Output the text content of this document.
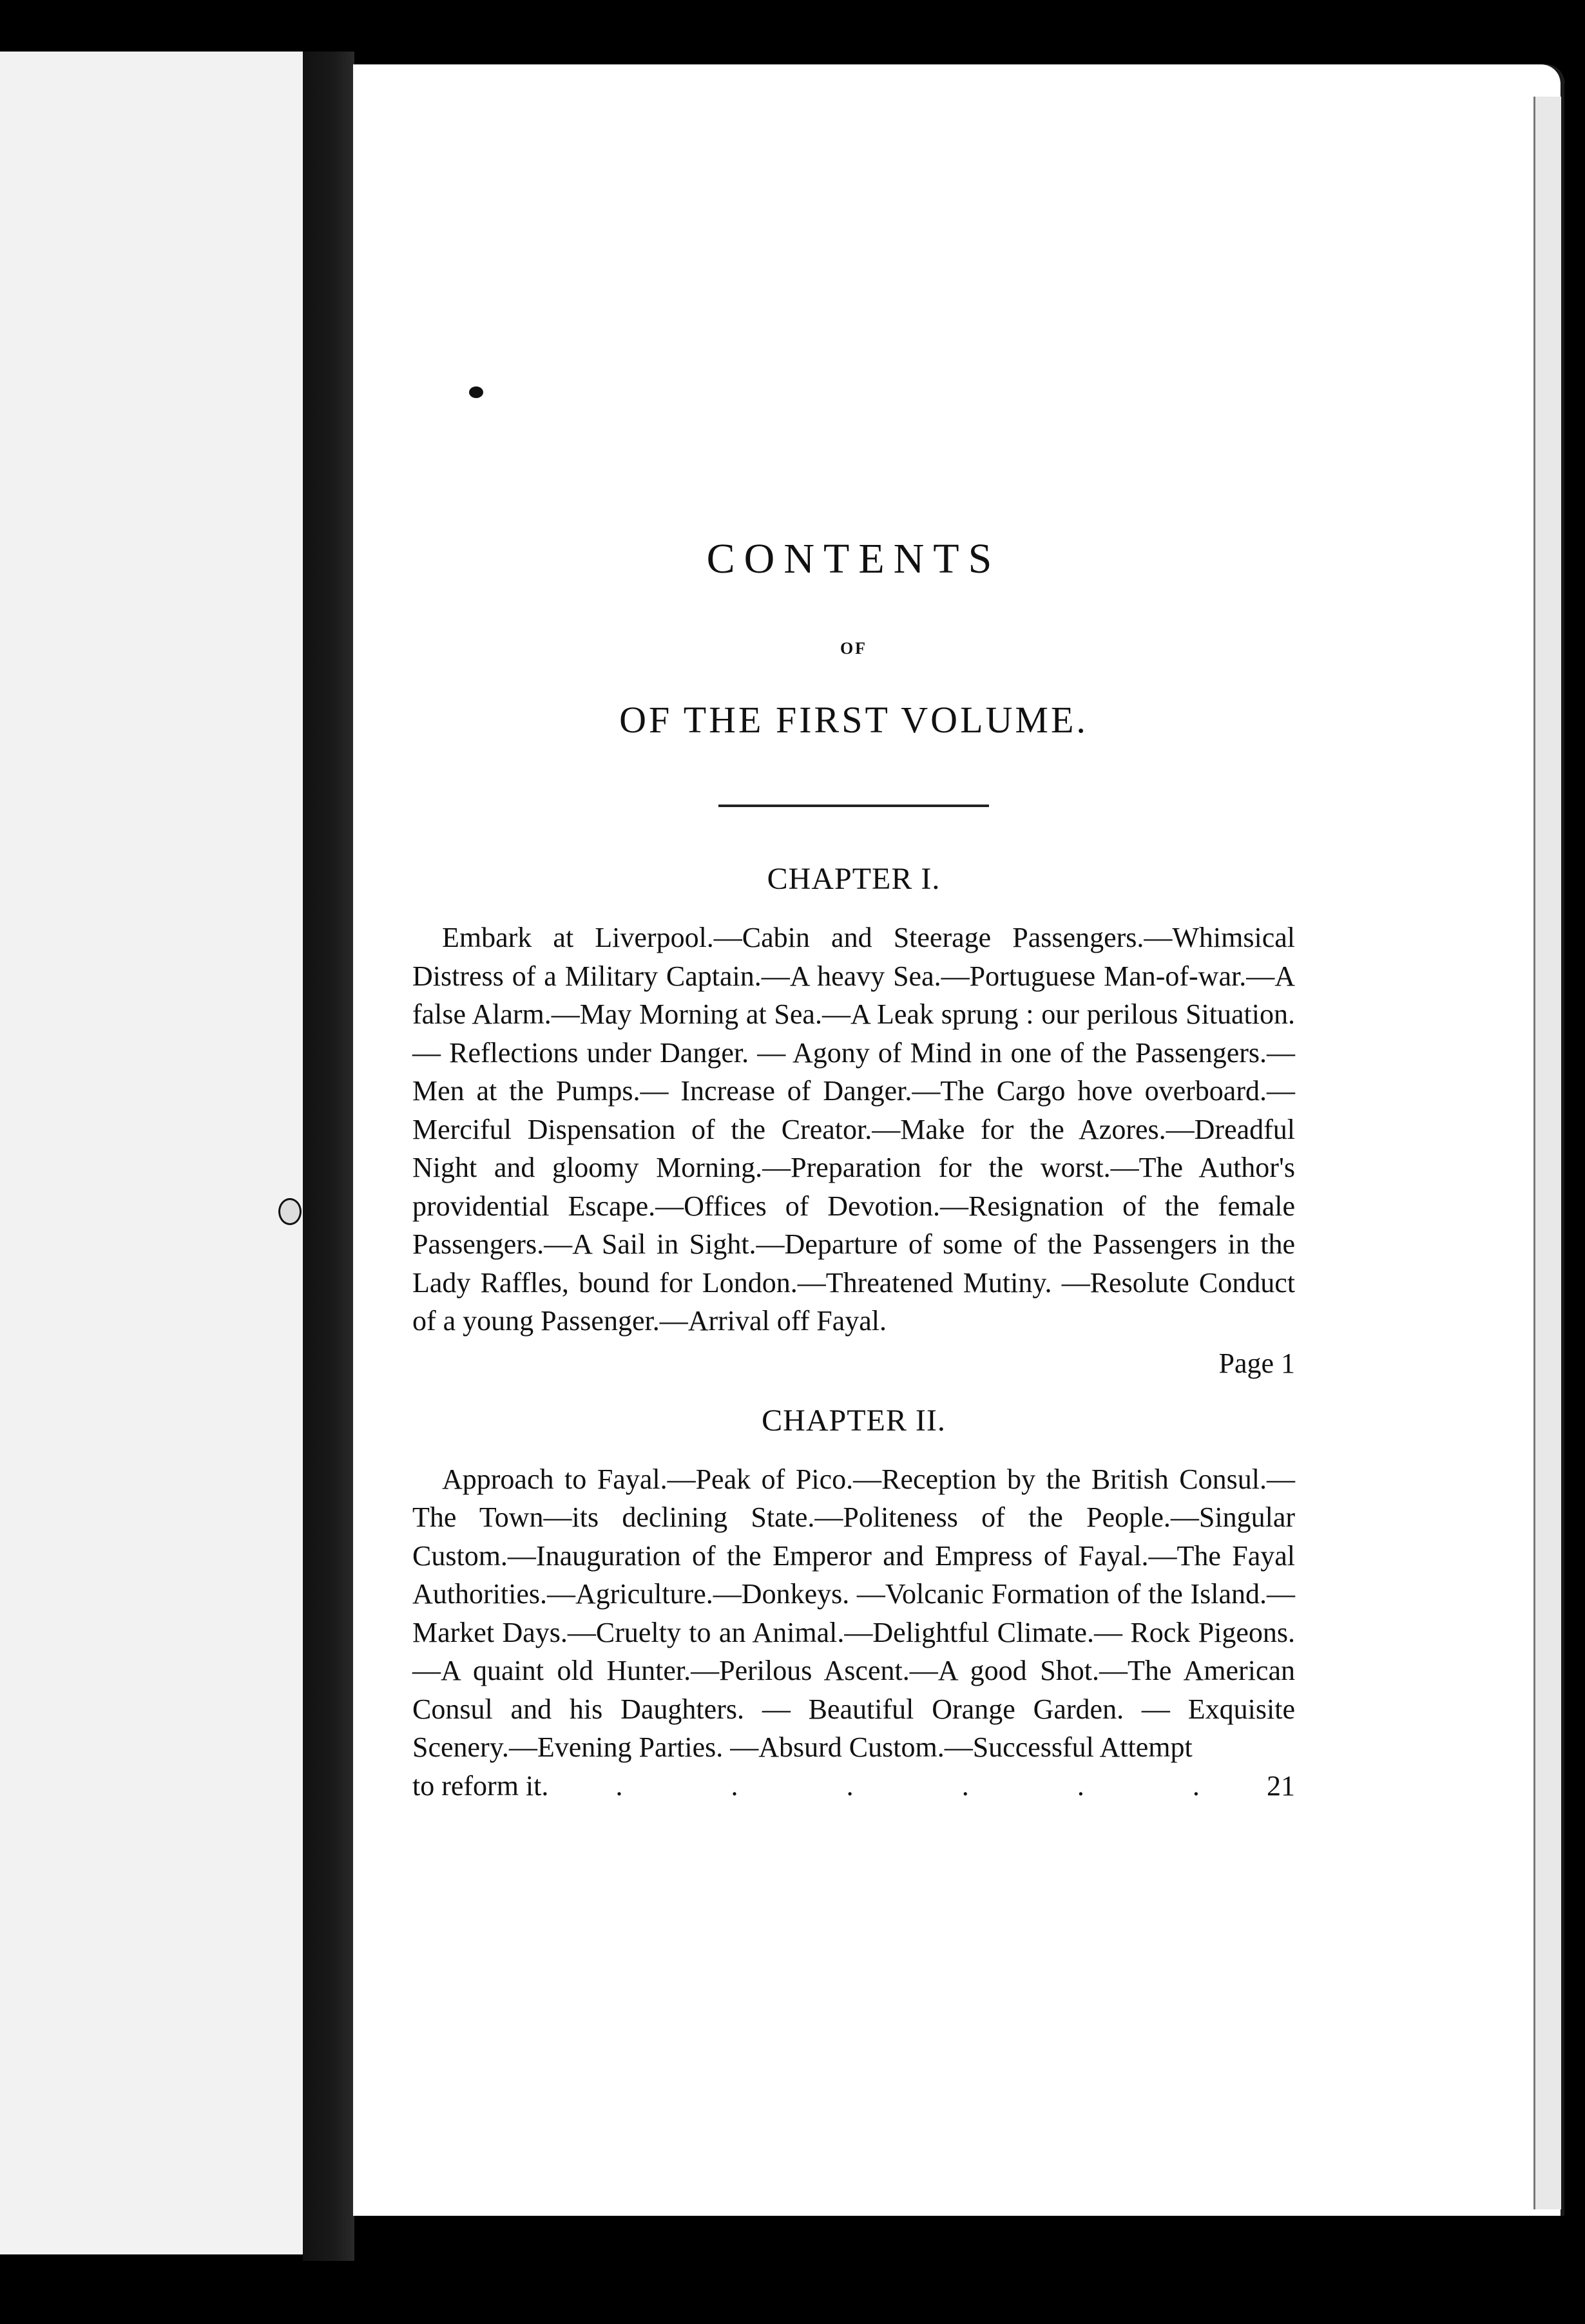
CONTENTS
OF
OF THE FIRST VOLUME.
CHAPTER I.

Embark at Liverpool.—Cabin and Steerage Passengers.—Whimsical Distress of a Military Captain.—A heavy Sea.—Portuguese Man-of-war.—A false Alarm.—May Morning at Sea.—A Leak sprung : our perilous Situation. — Reflections under Danger. — Agony of Mind in one of the Passengers.—Men at the Pumps.— Increase of Danger.—The Cargo hove overboard.—Merciful Dispensation of the Creator.—Make for the Azores.—Dreadful Night and gloomy Morning.—Preparation for the worst.—The Author's providential Escape.—Offices of Devotion.—Resignation of the female Passengers.—A Sail in Sight.—Departure of some of the Passengers in the Lady Raffles, bound for London.—Threatened Mutiny. —Resolute Conduct of a young Passenger.—Arrival off Fayal.

Page 1
CHAPTER II.

Approach to Fayal.—Peak of Pico.—Reception by the British Consul.—The Town—its declining State.—Politeness of the People.—Singular Custom.—Inauguration of the Emperor and Empress of Fayal.—The Fayal Authorities.—Agriculture.—Donkeys. —Volcanic Formation of the Island.—Market Days.—Cruelty to an Animal.—Delightful Climate.— Rock Pigeons.—A quaint old Hunter.—Perilous Ascent.—A good Shot.—The American Consul and his Daughters. — Beautiful Orange Garden. — Exquisite Scenery.—Evening Parties. —Absurd Custom.—Successful Attempt

to reform it. .	.	.	.	.	. 21
